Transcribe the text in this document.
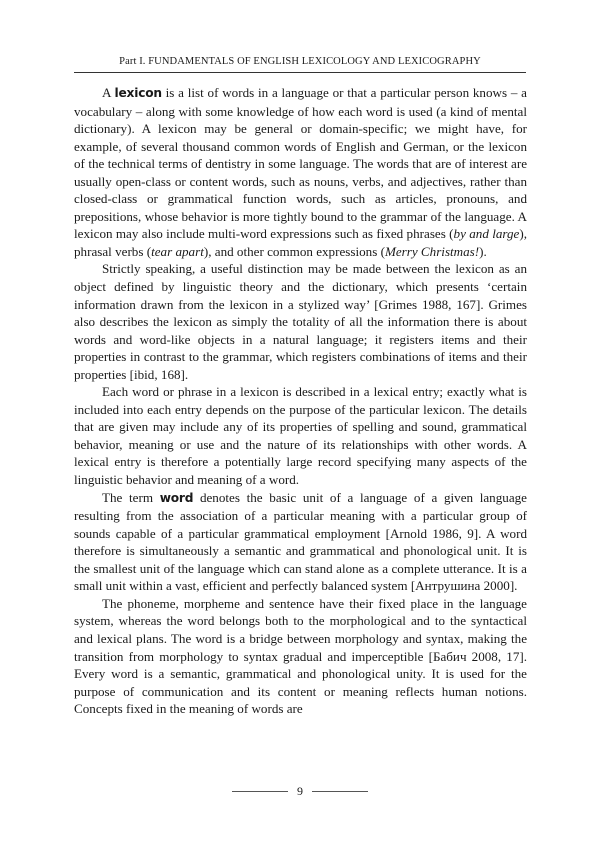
Part I. FUNDAMENTALS OF ENGLISH LEXICOLOGY AND LEXICOGRAPHY

A lexicon is a list of words in a language or that a particular person knows – a vocabulary – along with some knowledge of how each word is used (a kind of mental dictionary). A lexicon may be general or domain-specific; we might have, for example, of several thousand common words of English and German, or the lexicon of the technical terms of dentistry in some language. The words that are of interest are usually open-class or content words, such as nouns, verbs, and adjectives, rather than closed-class or grammatical function words, such as articles, pronouns, and prepositions, whose behavior is more tightly bound to the grammar of the language. A lexicon may also include multi-word expressions such as fixed phrases (by and large), phrasal verbs (tear apart), and other common expressions (Merry Christmas!).

Strictly speaking, a useful distinction may be made between the lexicon as an object defined by linguistic theory and the dictionary, which presents ‘certain information drawn from the lexicon in a stylized way’ [Grimes 1988, 167]. Grimes also describes the lexicon as simply the totality of all the information there is about words and word-like objects in a natural language; it registers items and their properties in contrast to the grammar, which registers combinations of items and their properties [ibid, 168].

Each word or phrase in a lexicon is described in a lexical entry; exactly what is included into each entry depends on the purpose of the particular lexicon. The details that are given may include any of its properties of spelling and sound, grammatical behavior, meaning or use and the nature of its relationships with other words. A lexical entry is therefore a potentially large record specifying many aspects of the linguistic behavior and meaning of a word.

The term word denotes the basic unit of a language of a given language resulting from the association of a particular meaning with a particular group of sounds capable of a particular grammatical employment [Arnold 1986, 9]. A word therefore is simultaneously a semantic and grammatical and phonological unit. It is the smallest unit of the language which can stand alone as a complete utterance. It is a small unit within a vast, efficient and perfectly balanced system [Антрушина 2000].

The phoneme, morpheme and sentence have their fixed place in the language system, whereas the word belongs both to the morphological and to the syntactical and lexical plans. The word is a bridge between morphology and syntax, making the transition from morphology to syntax gradual and imperceptible [Бабич 2008, 17]. Every word is a semantic, grammatical and phonological unity. It is used for the purpose of communication and its content or meaning reflects human notions. Concepts fixed in the meaning of words are

9
